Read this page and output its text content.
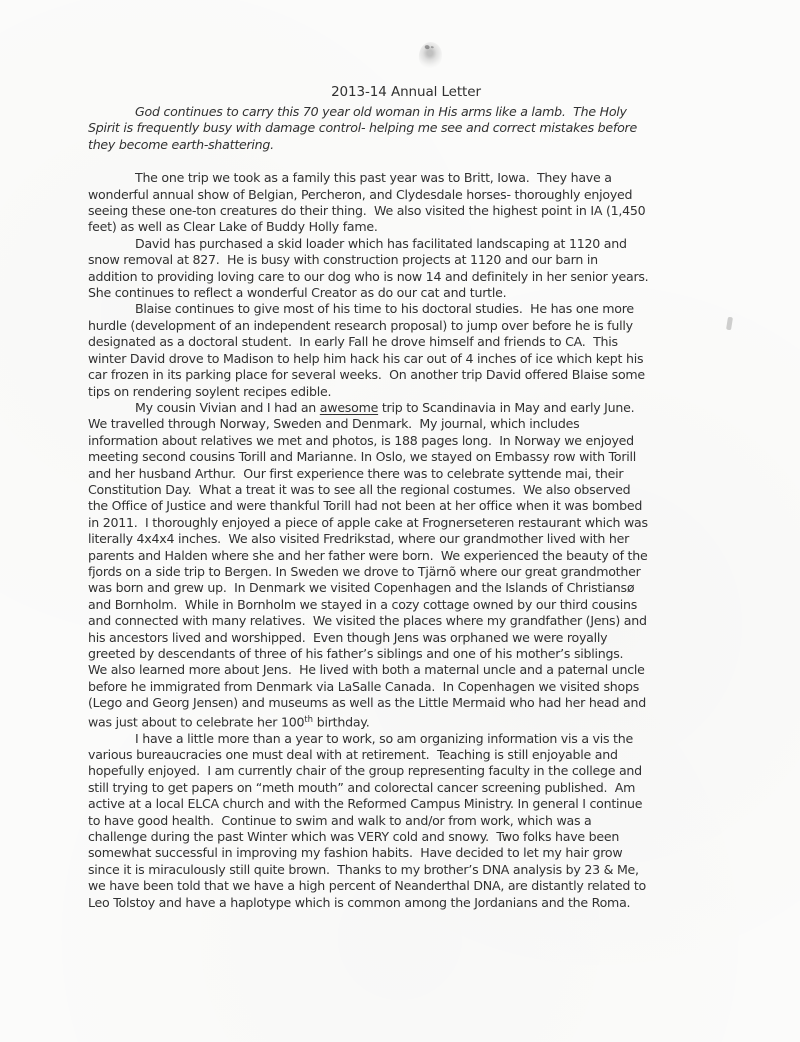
2013-14 Annual Letter
God continues to carry this 70 year old woman in His arms like a lamb.  The Holy
Spirit is frequently busy with damage control- helping me see and correct mistakes before
they become earth-shattering.
The one trip we took as a family this past year was to Britt, Iowa.  They have a
wonderful annual show of Belgian, Percheron, and Clydesdale horses- thoroughly enjoyed
seeing these one-ton creatures do their thing.  We also visited the highest point in IA (1,450
feet) as well as Clear Lake of Buddy Holly fame.
David has purchased a skid loader which has facilitated landscaping at 1120 and
snow removal at 827.  He is busy with construction projects at 1120 and our barn in
addition to providing loving care to our dog who is now 14 and definitely in her senior years.
She continues to reflect a wonderful Creator as do our cat and turtle.
Blaise continues to give most of his time to his doctoral studies.  He has one more
hurdle (development of an independent research proposal) to jump over before he is fully
designated as a doctoral student.  In early Fall he drove himself and friends to CA.  This
winter David drove to Madison to help him hack his car out of 4 inches of ice which kept his
car frozen in its parking place for several weeks.  On another trip David offered Blaise some
tips on rendering soylent recipes edible.
My cousin Vivian and I had an awesome trip to Scandinavia in May and early June.
We travelled through Norway, Sweden and Denmark.  My journal, which includes
information about relatives we met and photos, is 188 pages long.  In Norway we enjoyed
meeting second cousins Torill and Marianne. In Oslo, we stayed on Embassy row with Torill
and her husband Arthur.  Our first experience there was to celebrate syttende mai, their
Constitution Day.  What a treat it was to see all the regional costumes.  We also observed
the Office of Justice and were thankful Torill had not been at her office when it was bombed
in 2011.  I thoroughly enjoyed a piece of apple cake at Frognerseteren restaurant which was
literally 4x4x4 inches.  We also visited Fredrikstad, where our grandmother lived with her
parents and Halden where she and her father were born.  We experienced the beauty of the
fjords on a side trip to Bergen. In Sweden we drove to Tjärnõ where our great grandmother
was born and grew up.  In Denmark we visited Copenhagen and the Islands of Christiansø
and Bornholm.  While in Bornholm we stayed in a cozy cottage owned by our third cousins
and connected with many relatives.  We visited the places where my grandfather (Jens) and
his ancestors lived and worshipped.  Even though Jens was orphaned we were royally
greeted by descendants of three of his father’s siblings and one of his mother’s siblings.
We also learned more about Jens.  He lived with both a maternal uncle and a paternal uncle
before he immigrated from Denmark via LaSalle Canada.  In Copenhagen we visited shops
(Lego and Georg Jensen) and museums as well as the Little Mermaid who had her head and
was just about to celebrate her 100th birthday.
I have a little more than a year to work, so am organizing information vis a vis the
various bureaucracies one must deal with at retirement.  Teaching is still enjoyable and
hopefully enjoyed.  I am currently chair of the group representing faculty in the college and
still trying to get papers on “meth mouth” and colorectal cancer screening published.  Am
active at a local ELCA church and with the Reformed Campus Ministry. In general I continue
to have good health.  Continue to swim and walk to and/or from work, which was a
challenge during the past Winter which was VERY cold and snowy.  Two folks have been
somewhat successful in improving my fashion habits.  Have decided to let my hair grow
since it is miraculously still quite brown.  Thanks to my brother’s DNA analysis by 23 & Me,
we have been told that we have a high percent of Neanderthal DNA, are distantly related to
Leo Tolstoy and have a haplotype which is common among the Jordanians and the Roma.
